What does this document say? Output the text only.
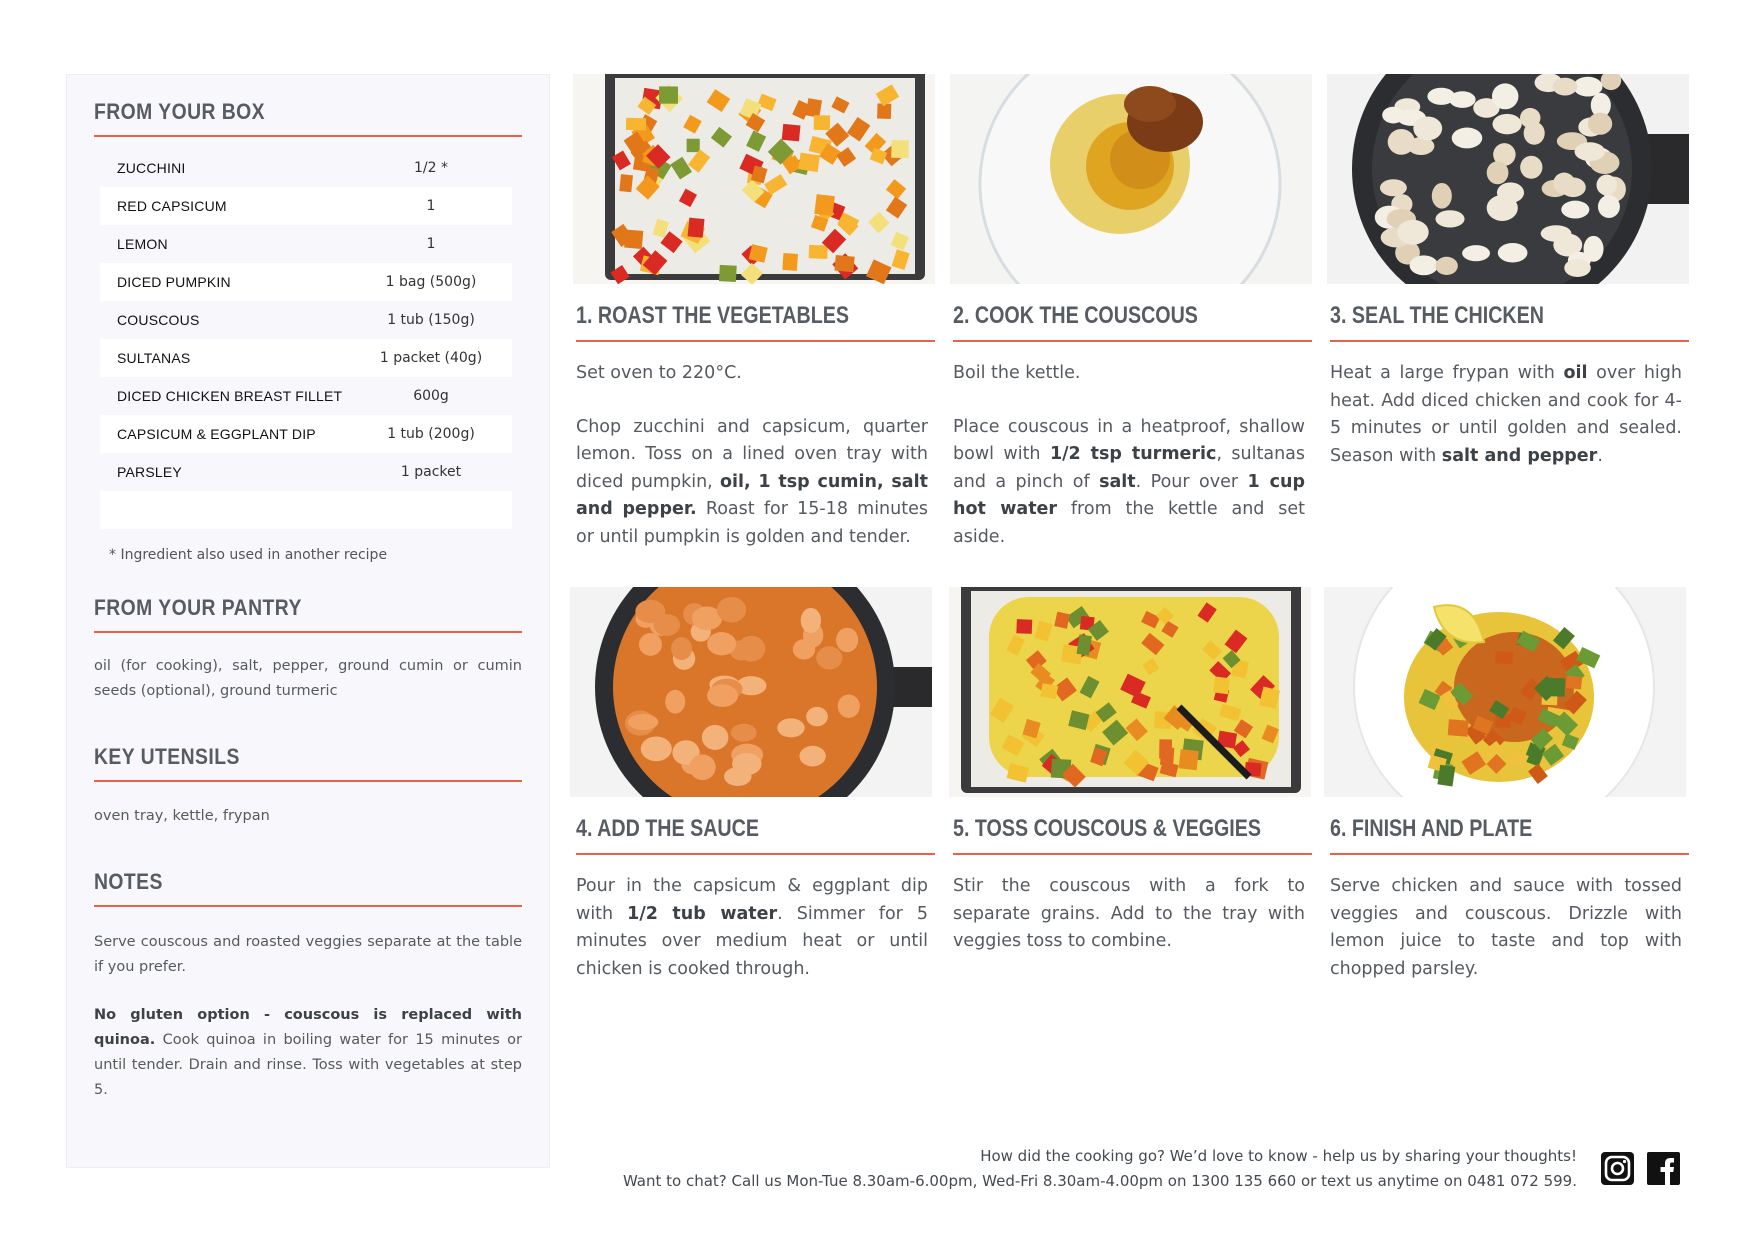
FROM YOUR BOX
ZUCCHINI	1/2 *
RED CAPSICUM	1
LEMON	1
DICED PUMPKIN	1 bag (500g)
COUSCOUS	1 tub (150g)
SULTANAS	1 packet (40g)
DICED CHICKEN BREAST FILLET	600g
CAPSICUM & EGGPLANT DIP	1 tub (200g)
PARSLEY	1 packet
* Ingredient also used in another recipe
FROM YOUR PANTRY

oil (for cooking), salt, pepper, ground cumin or cumin seeds (optional), ground turmeric

KEY UTENSILS

oven tray, kettle, frypan

NOTES

Serve couscous and roasted veggies separate at the table if you prefer.

No gluten option - couscous is replaced with quinoa. Cook quinoa in boiling water for 15 minutes or until tender. Drain and rinse. Toss with vegetables at step 5.

1. ROAST THE VEGETABLES

Set oven to 220°C.

Chop zucchini and capsicum, quarter lemon. Toss on a lined oven tray with diced pumpkin, oil, 1 tsp cumin, salt and pepper. Roast for 15-18 minutes or until pumpkin is golden and tender.

2. COOK THE COUSCOUS

Boil the kettle.

Place couscous in a heatproof, shallow bowl with 1/2 tsp turmeric, sultanas and a pinch of salt. Pour over 1 cup hot water from the kettle and set aside.

3. SEAL THE CHICKEN

Heat a large frypan with oil over high heat. Add diced chicken and cook for 4-5 minutes or until golden and sealed. Season with salt and pepper.

4. ADD THE SAUCE

Pour in the capsicum & eggplant dip with 1/2 tub water. Simmer for 5 minutes over medium heat or until chicken is cooked through.

5. TOSS COUSCOUS & VEGGIES

Stir the couscous with a fork to separate grains. Add to the tray with veggies toss to combine.

6. FINISH AND PLATE

Serve chicken and sauce with tossed veggies and couscous. Drizzle with lemon juice to taste and top with chopped parsley.

How did the cooking go? We’d love to know - help us by sharing your thoughts!
Want to chat? Call us Mon-Tue 8.30am-6.00pm, Wed-Fri 8.30am-4.00pm on 1300 135 660 or text us anytime on 0481 072 599.
